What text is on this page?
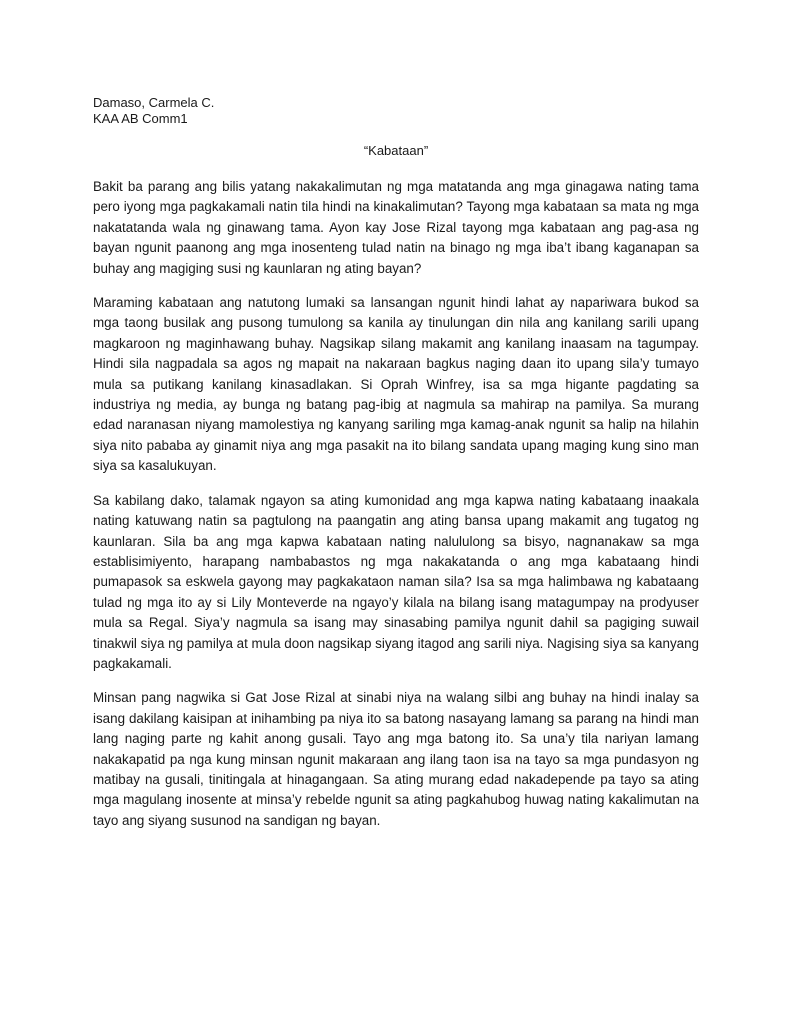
Damaso, Carmela C.

KAA AB Comm1

“Kabataan”

Bakit ba parang ang bilis yatang nakakalimutan ng mga matatanda ang mga ginagawa nating tama pero iyong mga pagkakamali natin tila hindi na kinakalimutan? Tayong mga kabataan sa mata ng mga nakatatanda wala ng ginawang tama. Ayon kay Jose Rizal tayong mga kabataan ang pag-asa ng bayan ngunit paanong ang mga inosenteng tulad natin na binago ng mga iba’t ibang kaganapan sa buhay ang magiging susi ng kaunlaran ng ating bayan?

Maraming kabataan ang natutong lumaki sa lansangan ngunit hindi lahat ay napariwara bukod sa mga taong busilak ang pusong tumulong sa kanila ay tinulungan din nila ang kanilang sarili upang magkaroon ng maginhawang buhay. Nagsikap silang makamit ang kanilang inaasam na tagumpay. Hindi sila nagpadala sa agos ng mapait na nakaraan bagkus naging daan ito upang sila’y tumayo mula sa putikang kanilang kinasadlakan. Si Oprah Winfrey, isa sa mga higante pagdating sa industriya ng media, ay bunga ng batang pag-ibig at nagmula sa mahirap na pamilya. Sa murang edad naranasan niyang mamolestiya ng kanyang sariling mga kamag-anak ngunit sa halip na hilahin siya nito pababa ay ginamit niya ang mga pasakit na ito bilang sandata upang maging kung sino man siya sa kasalukuyan.

Sa kabilang dako, talamak ngayon sa ating kumonidad ang mga kapwa nating kabataang inaakala nating katuwang natin sa pagtulong na paangatin ang ating bansa upang makamit ang tugatog ng kaunlaran. Sila ba ang mga kapwa kabataan nating nalululong sa bisyo, nagnanakaw sa mga establisimiyento, harapang nambabastos ng mga nakakatanda o ang mga kabataang hindi pumapasok sa eskwela gayong may pagkakataon naman sila? Isa sa mga halimbawa ng kabataang tulad ng mga ito ay si Lily Monteverde na ngayo’y kilala na bilang isang matagumpay na prodyuser mula sa Regal. Siya’y nagmula sa isang may sinasabing pamilya ngunit dahil sa pagiging suwail tinakwil siya ng pamilya at mula doon nagsikap siyang itagod ang sarili niya. Nagising siya sa kanyang pagkakamali.

Minsan pang nagwika si Gat Jose Rizal at sinabi niya na walang silbi ang buhay na hindi inalay sa isang dakilang kaisipan at inihambing pa niya ito sa batong nasayang lamang sa parang na hindi man lang naging parte ng kahit anong gusali. Tayo ang mga batong ito. Sa una’y tila nariyan lamang nakakapatid pa nga kung minsan ngunit makaraan ang ilang taon isa na tayo sa mga pundasyon ng matibay na gusali, tinitingala at hinagangaan. Sa ating murang edad nakadepende pa tayo sa ating mga magulang inosente at minsa’y rebelde ngunit sa ating pagkahubog huwag nating kakalimutan na tayo ang siyang susunod na sandigan ng bayan.
